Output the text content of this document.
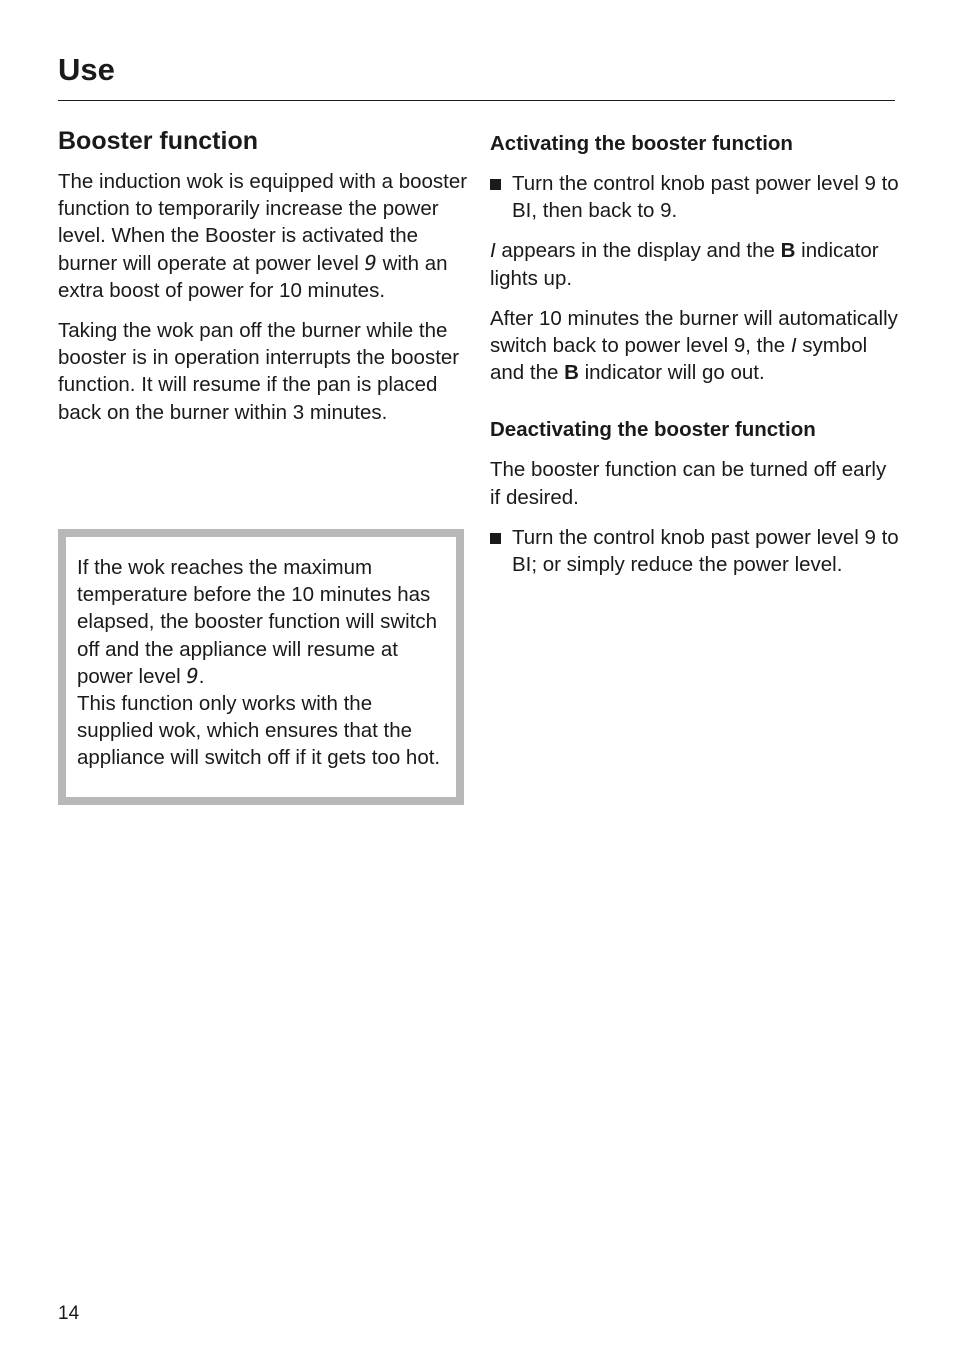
Use
Booster function

The induction wok is equipped with a booster function to temporarily increase the power level. When the Booster is activated the burner will operate at power level 9 with an extra boost of power for 10 minutes.

Taking the wok pan off the burner while the booster is in operation interrupts the booster function. It will resume if the pan is placed back on the burner within 3 minutes.

If the wok reaches the maximum temperature before the 10 minutes has elapsed, the booster function will switch off and the appliance will resume at power level 9.

This function only works with the supplied wok, which ensures that the appliance will switch off if it gets too hot.

Activating the booster function
Turn the control knob past power level 9 to BI, then back to 9.

I appears in the display and the B indicator lights up.

After 10 minutes the burner will automatically switch back to power level 9, the I symbol and the B indicator will go out.

Deactivating the booster function

The booster function can be turned off early if desired.

Turn the control knob past power level 9 to BI; or simply reduce the power level.
14
